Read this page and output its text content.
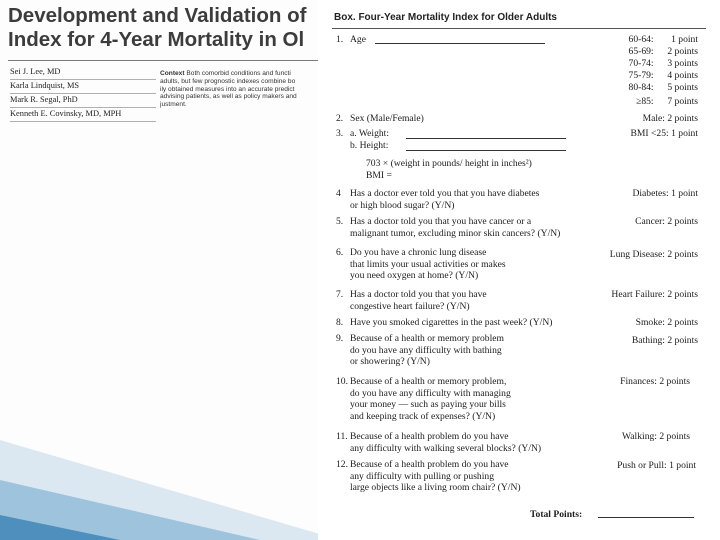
Development and Validation of
Index for 4-Year Mortality in Ol
Sei J. Lee, MD
Karla Lindquist, MS
Mark R. Segal, PhD
Kenneth E. Covinsky, MD, MPH
Context Both comorbid conditions and functi
adults, but few prognostic indexes combine bo
ily obtained measures into an accurate predict
advising patients, as well as policy makers and
justment.
Box. Four-Year Mortality Index for Older Adults
1. Age	60-64: 1 point
65-69: 2 points
70-74: 3 points
75-79: 4 points
80-84: 5 points
≥85: 7 points
2. Sex (Male/Female)	Male: 2 points
3. a. Weight:
b. Height:
703 × (weight in pounds/ height in inches²)
BMI =
BMI <25: 1 point
4 Has a doctor ever told you that you have diabetes
or high blood sugar? (Y/N)
Diabetes: 1 point
5. Has a doctor told you that you have cancer or a
malignant tumor, excluding minor skin cancers? (Y/N)
Cancer: 2 points
6. Do you have a chronic lung disease
that limits your usual activities or makes
you need oxygen at home? (Y/N)
Lung Disease: 2 points
7. Has a doctor told you that you have
congestive heart failure? (Y/N)
Heart Failure: 2 points
8. Have you smoked cigarettes in the past week? (Y/N)	Smoke: 2 points
9. Because of a health or memory problem
do you have any difficulty with bathing
or showering? (Y/N)
Bathing: 2 points
10. Because of a health or memory problem,
do you have any difficulty with managing
your money — such as paying your bills
and keeping track of expenses? (Y/N)
Finances: 2 points
11. Because of a health problem do you have
any difficulty with walking several blocks? (Y/N)
Walking: 2 points
12. Because of a health problem do you have
any difficulty with pulling or pushing
large objects like a living room chair? (Y/N)
Push or Pull: 1 point
Total Points:
